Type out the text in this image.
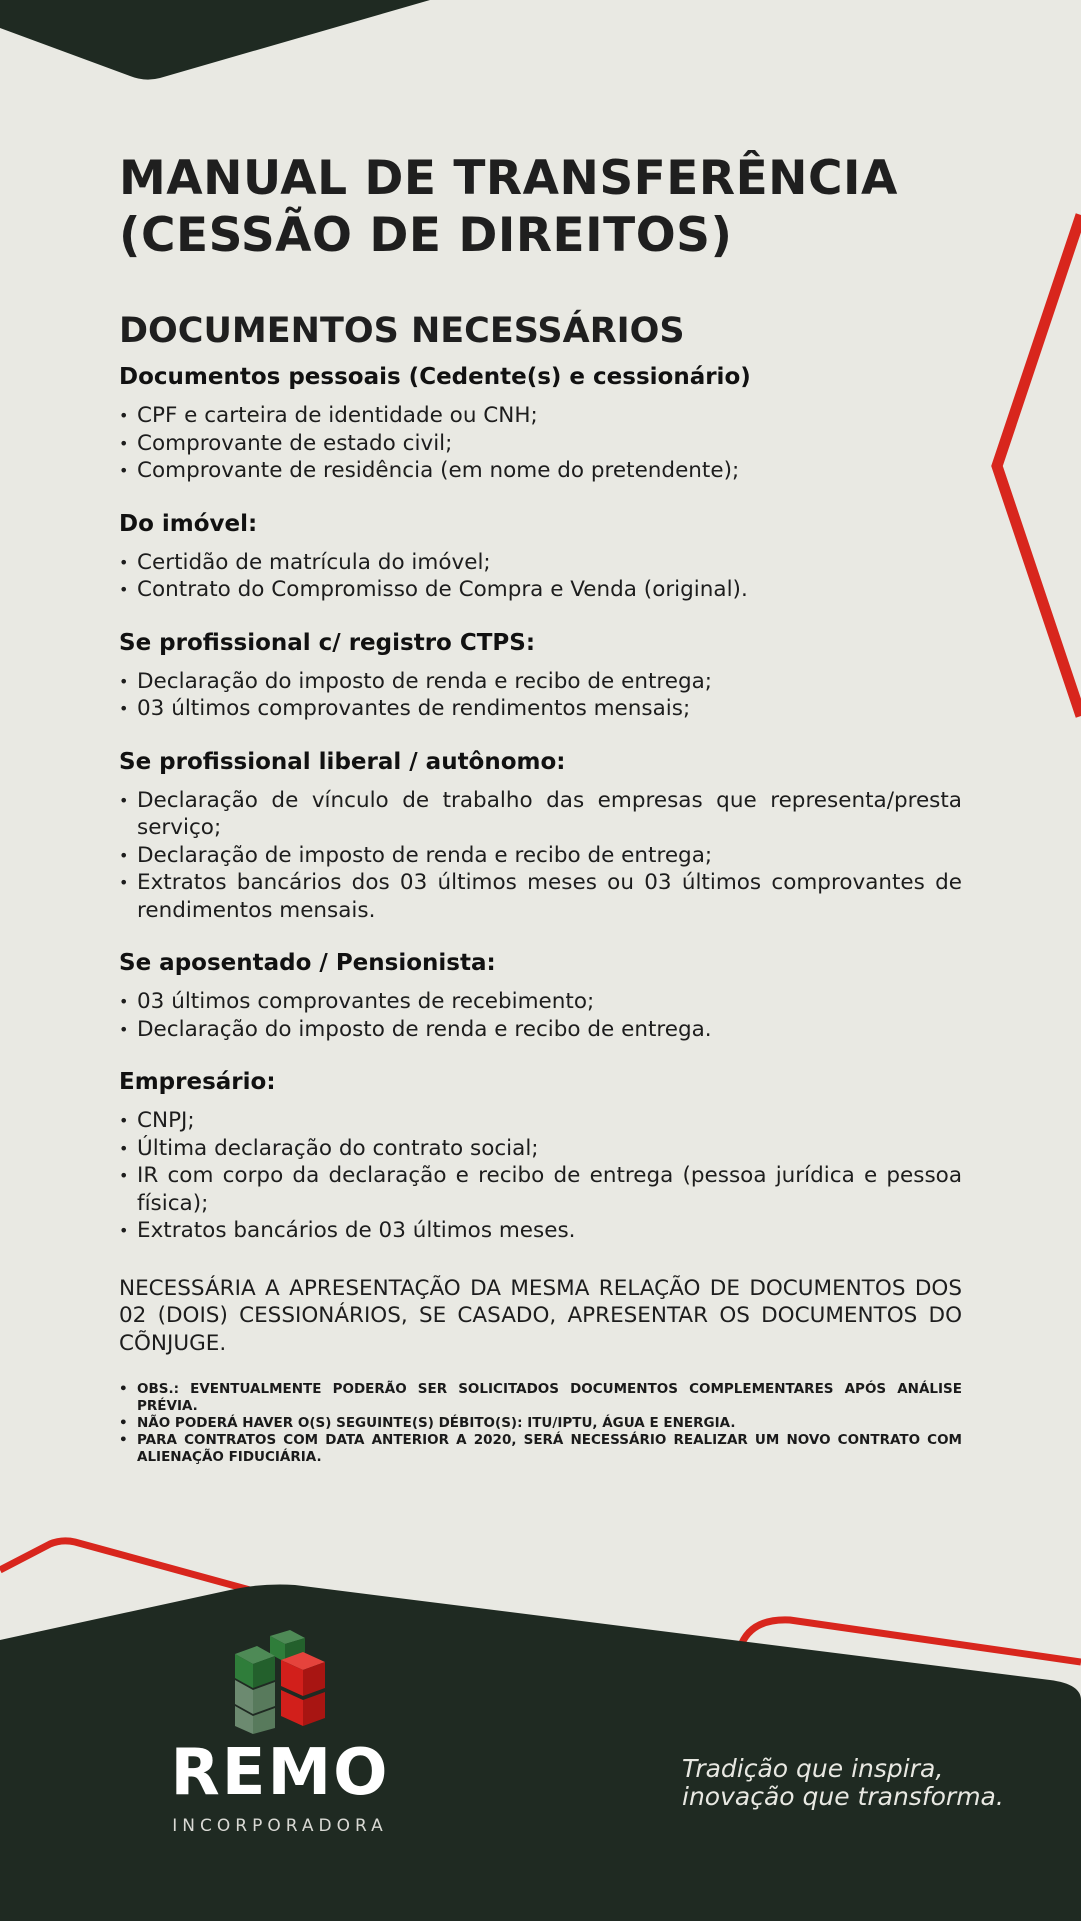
MANUAL DE TRANSFERÊNCIA
(CESSÃO DE DIREITOS)
DOCUMENTOS NECESSÁRIOS
Documentos pessoais (Cedente(s) e cessionário)
• CPF e carteira de identidade ou CNH;
• Comprovante de estado civil;
• Comprovante de residência (em nome do pretendente);
Do imóvel:
• Certidão de matrícula do imóvel;
• Contrato do Compromisso de Compra e Venda (original).
Se profissional c/ registro CTPS:
• Declaração do imposto de renda e recibo de entrega;
• 03 últimos comprovantes de rendimentos mensais;
Se profissional liberal / autônomo:
• Declaração de vínculo de trabalho das empresas que representa/presta serviço;
• Declaração de imposto de renda e recibo de entrega;
• Extratos bancários dos 03 últimos meses ou 03 últimos comprovantes de rendimentos mensais.
Se aposentado / Pensionista:
• 03 últimos comprovantes de recebimento;
• Declaração do imposto de renda e recibo de entrega.
Empresário:
• CNPJ;
• Última declaração do contrato social;
• IR com corpo da declaração e recibo de entrega (pessoa jurídica e pessoa física);
• Extratos bancários de 03 últimos meses.

NECESSÁRIA A APRESENTAÇÃO DA MESMA RELAÇÃO DE DOCUMENTOS DOS 02 (DOIS) CESSIONÁRIOS, SE CASADO, APRESENTAR OS DOCUMENTOS DO CÕNJUGE.

• OBS.: EVENTUALMENTE PODERÃO SER SOLICITADOS DOCUMENTOS COMPLEMENTARES APÓS ANÁLISE PRÉVIA.
• NÃO PODERÁ HAVER O(S) SEGUINTE(S) DÉBITO(S): ITU/IPTU, ÁGUA E ENERGIA.
• PARA CONTRATOS COM DATA ANTERIOR A 2020, SERÁ NECESSÁRIO REALIZAR UM NOVO CONTRATO COM ALIENAÇÃO FIDUCIÁRIA.
REMO
INCORPORADORA
Tradição que inspira,
inovação que transforma.
